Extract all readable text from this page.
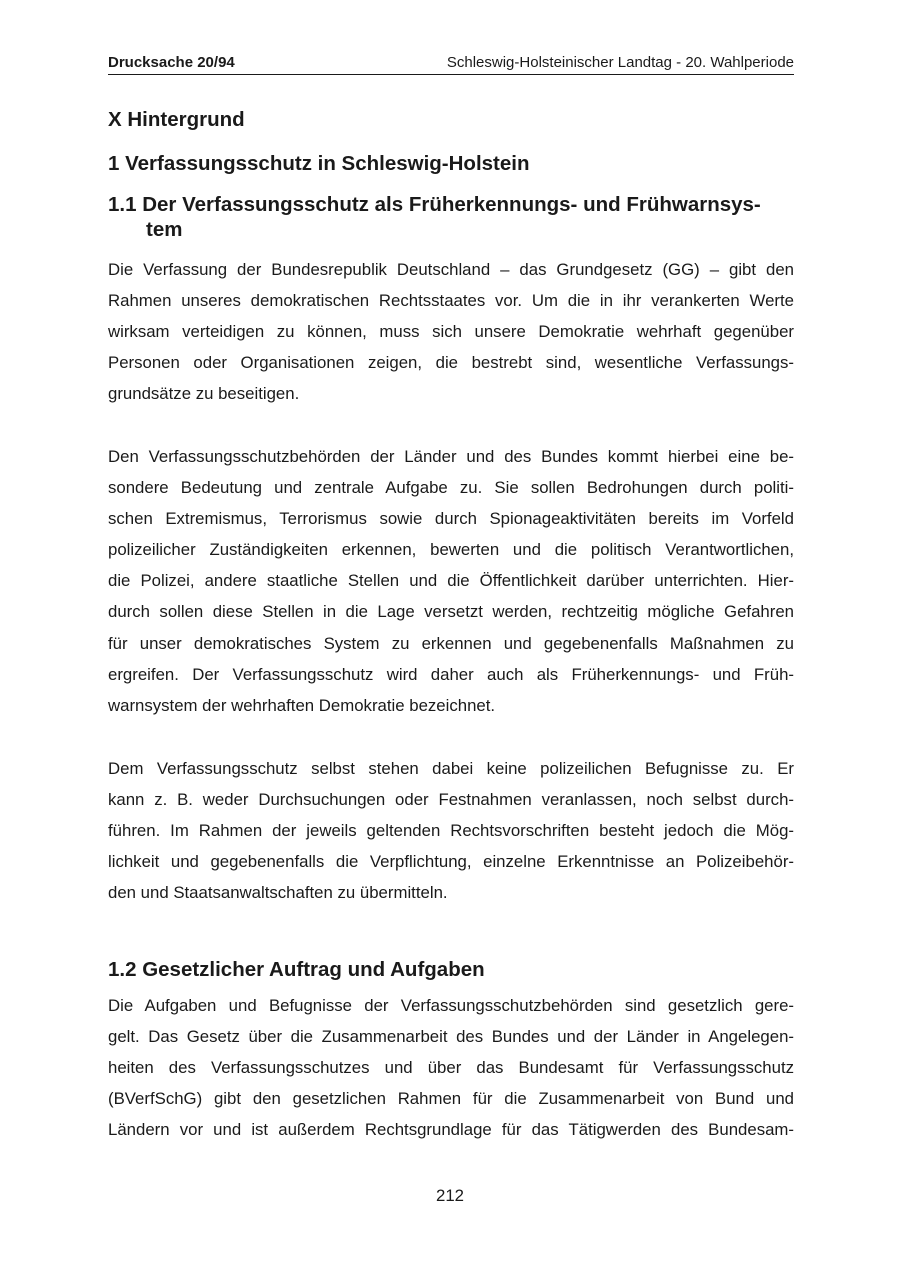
Drucksache 20/94	Schleswig-Holsteinischer Landtag - 20. Wahlperiode
X Hintergrund
1 Verfassungsschutz in Schleswig-Holstein
1.1 Der Verfassungsschutz als Früherkennungs- und Frühwarnsys-
tem
Die Verfassung der Bundesrepublik Deutschland – das Grundgesetz (GG) – gibt den
Rahmen unseres demokratischen Rechtsstaates vor. Um die in ihr verankerten Werte
wirksam verteidigen zu können, muss sich unsere Demokratie wehrhaft gegenüber
Personen oder Organisationen zeigen, die bestrebt sind, wesentliche Verfassungs-
grundsätze zu beseitigen.
Den Verfassungsschutzbehörden der Länder und des Bundes kommt hierbei eine be-
sondere Bedeutung und zentrale Aufgabe zu. Sie sollen Bedrohungen durch politi-
schen Extremismus, Terrorismus sowie durch Spionageaktivitäten bereits im Vorfeld
polizeilicher Zuständigkeiten erkennen, bewerten und die politisch Verantwortlichen,
die Polizei, andere staatliche Stellen und die Öffentlichkeit darüber unterrichten. Hier-
durch sollen diese Stellen in die Lage versetzt werden, rechtzeitig mögliche Gefahren
für unser demokratisches System zu erkennen und gegebenenfalls Maßnahmen zu
ergreifen. Der Verfassungsschutz wird daher auch als Früherkennungs- und Früh-
warnsystem der wehrhaften Demokratie bezeichnet.
Dem Verfassungsschutz selbst stehen dabei keine polizeilichen Befugnisse zu. Er
kann z. B. weder Durchsuchungen oder Festnahmen veranlassen, noch selbst durch-
führen. Im Rahmen der jeweils geltenden Rechtsvorschriften besteht jedoch die Mög-
lichkeit und gegebenenfalls die Verpflichtung, einzelne Erkenntnisse an Polizeibehör-
den und Staatsanwaltschaften zu übermitteln.
1.2 Gesetzlicher Auftrag und Aufgaben
Die Aufgaben und Befugnisse der Verfassungsschutzbehörden sind gesetzlich gere-
gelt. Das Gesetz über die Zusammenarbeit des Bundes und der Länder in Angelegen-
heiten des Verfassungsschutzes und über das Bundesamt für Verfassungsschutz
(BVerfSchG) gibt den gesetzlichen Rahmen für die Zusammenarbeit von Bund und
Ländern vor und ist außerdem Rechtsgrundlage für das Tätigwerden des Bundesam-
212
